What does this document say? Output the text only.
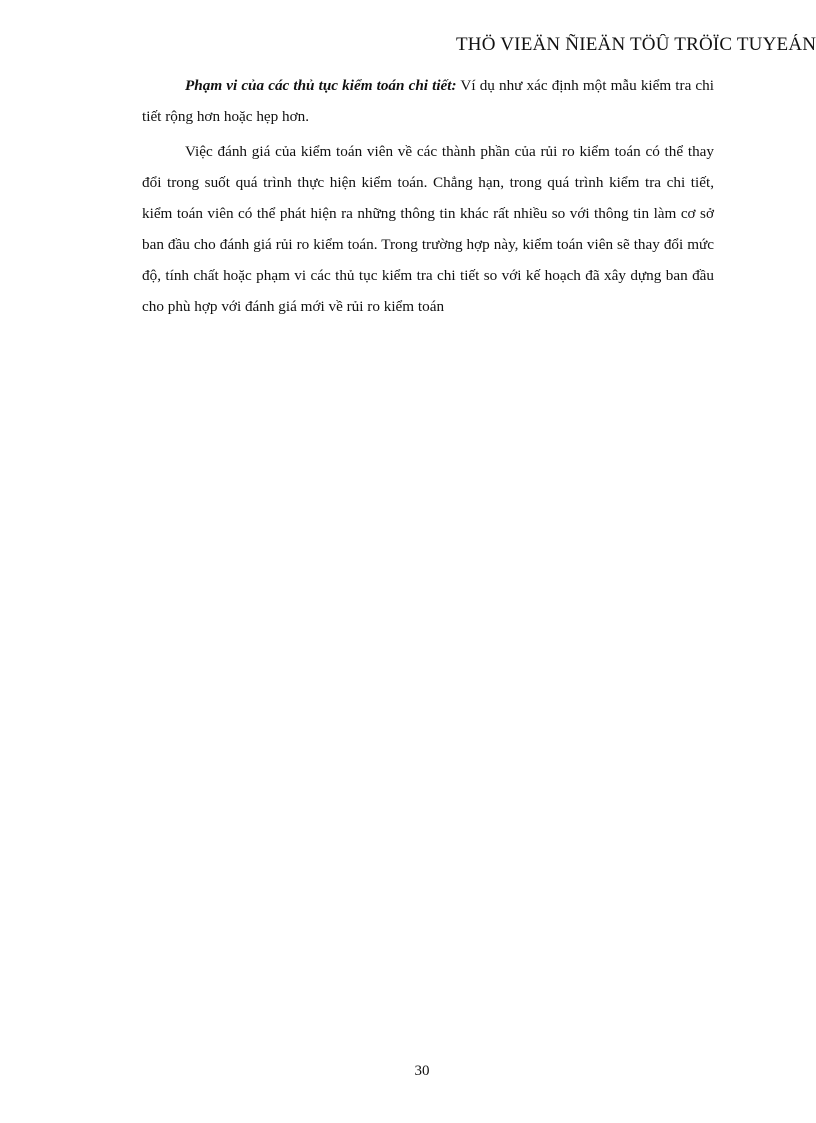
THÖ VIEÄN ÑIEÄN TÖÛ TRÖÏC TUYEÁN

Phạm vi của các thủ tục kiểm toán chi tiết: Ví dụ như xác định một mẫu kiểm tra chi tiết rộng hơn hoặc hẹp hơn.

Việc đánh giá của kiểm toán viên về các thành phần của rủi ro kiểm toán có thể thay đổi trong suốt quá trình thực hiện kiểm toán. Chẳng hạn, trong quá trình kiểm tra chi tiết, kiểm toán viên có thể phát hiện ra những thông tin khác rất nhiều so với thông tin làm cơ sở ban đầu cho đánh giá rủi ro kiểm toán. Trong trường hợp này, kiểm toán viên sẽ thay đổi mức độ, tính chất hoặc phạm vi các thủ tục kiểm tra chi tiết so với kế hoạch đã xây dựng ban đầu cho phù hợp với đánh giá mới về rủi ro kiểm toán

30
